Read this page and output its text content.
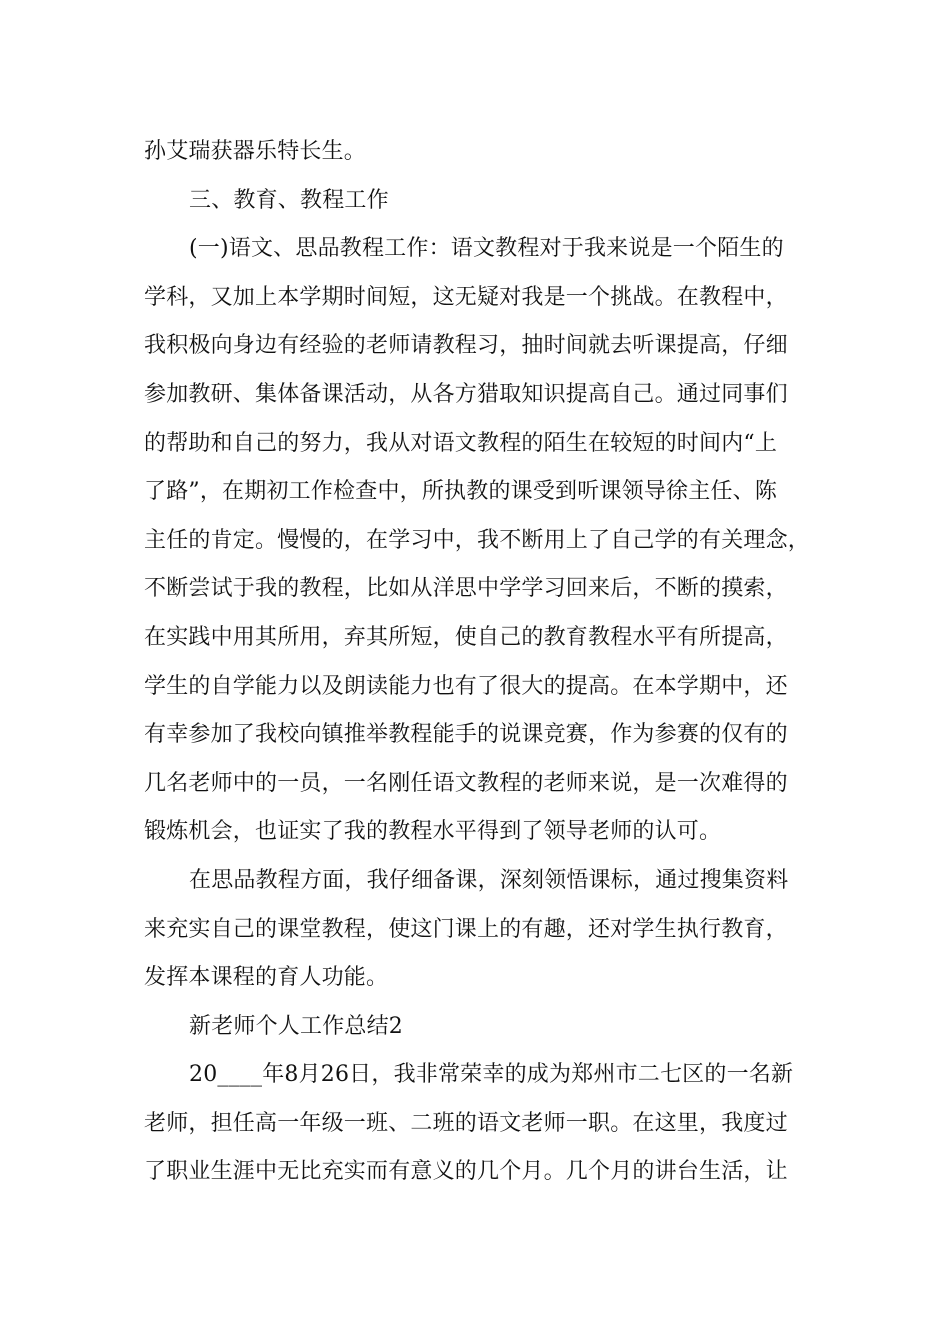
孙艾瑞获器乐特长生。
三、教育、教程工作
(一)语文、思品教程工作：语文教程对于我来说是一个陌生的
学科，又加上本学期时间短，这无疑对我是一个挑战。在教程中，
我积极向身边有经验的老师请教程习，抽时间就去听课提高，仔细
参加教研、集体备课活动，从各方猎取知识提高自己。通过同事们
的帮助和自己的努力，我从对语文教程的陌生在较短的时间内“上
了路”，在期初工作检查中，所执教的课受到听课领导徐主任、陈
主任的肯定。慢慢的，在学习中，我不断用上了自己学的有关理念，
不断尝试于我的教程，比如从洋思中学学习回来后，不断的摸索，
在实践中用其所用，弃其所短，使自己的教育教程水平有所提高，
学生的自学能力以及朗读能力也有了很大的提高。在本学期中，还
有幸参加了我校向镇推举教程能手的说课竞赛，作为参赛的仅有的
几名老师中的一员，一名刚任语文教程的老师来说，是一次难得的
锻炼机会，也证实了我的教程水平得到了领导老师的认可。
在思品教程方面，我仔细备课，深刻领悟课标，通过搜集资料
来充实自己的课堂教程，使这门课上的有趣，还对学生执行教育，
发挥本课程的育人功能。
新老师个人工作总结2
20____年8月26日，我非常荣幸的成为郑州市二七区的一名新
老师，担任高一年级一班、二班的语文老师一职。在这里，我度过
了职业生涯中无比充实而有意义的几个月。几个月的讲台生活，让
